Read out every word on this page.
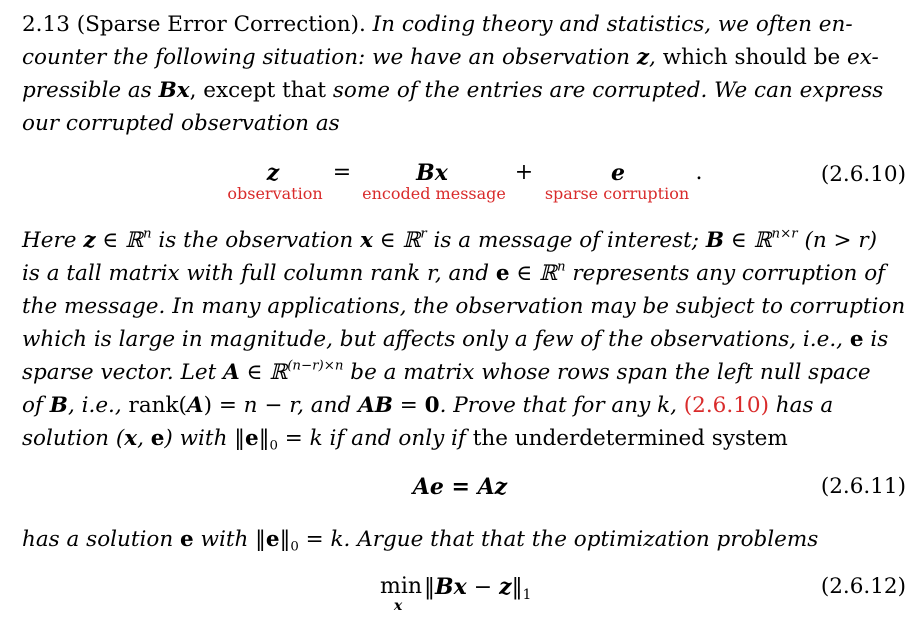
2.13 (Sparse Error Correction). In coding theory and statistics, we often en-
counter the following situation: we have an observation z, which should be ex-
pressible as Bx, except that some of the entries are corrupted. We can express
our corrupted observation as
z	=	Bx	+	e	.
observation	encoded message	sparse corruption
(2.6.10)
Here z ∈ ℝ$^n$ is the observation x ∈ ℝ$^r$ is a message of interest; B ∈ ℝ$^{n\times r}$ (n > r)
is a tall matrix with full column rank r, and e ∈ ℝ$^n$ represents any corruption of
the message. In many applications, the observation may be subject to corruption
which is large in magnitude, but affects only a few of the observations, i.e., e is
sparse vector. Let A ∈ ℝ$^{(n-r)\times n}$ be a matrix whose rows span the left null space
of B, i.e., rank(A) = n − r, and AB = 0. Prove that for any k, (2.6.10) has a
solution (x, e) with $‖e‖_0 = k$ if and only if the underdetermined system
Ae = Az	(2.6.11)
has a solution e with $‖e‖_0 = k$. Argue that that the optimization problems
min
x
‖Bx − $z‖_1$	(2.6.12)
